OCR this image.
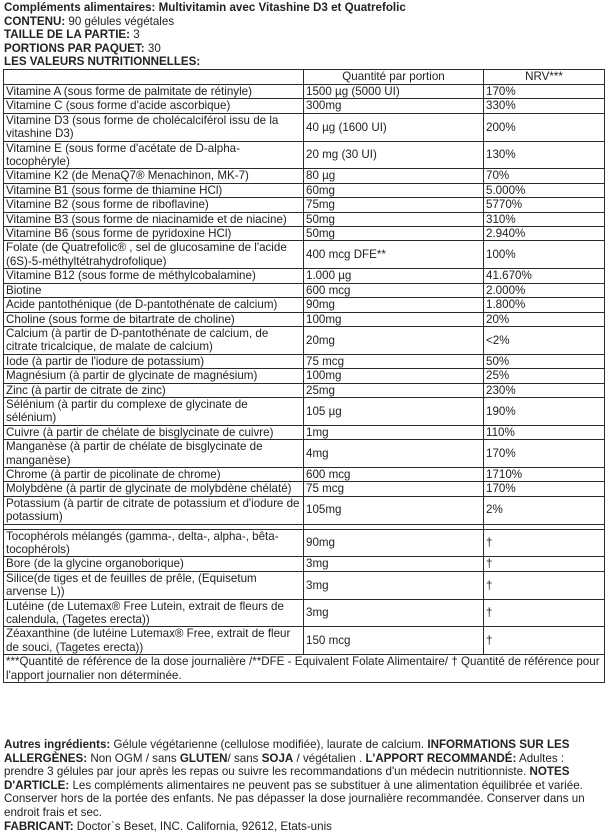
Compléments alimentaires: Multivitamin avec Vitashine D3 et Quatrefolic
CONTENU: 90 gélules végétales
TAILLE DE LA PARTIE: 3
PORTIONS PAR PAQUET: 30
LES VALEURS NUTRITIONNELLES:
	Quantité par portion	NRV***
Vitamine A (sous forme de palmitate de rétinyle)	1500 µg (5000 UI)	170%
Vitamine C (sous forme d'acide ascorbique)	300mg	330%
Vitamine D3 (sous forme de cholécalciférol issu de la vitashine D3)	40 µg (1600 UI)	200%
Vitamine E (sous forme d'acétate de D-alpha-tocophéryle)	20 mg (30 UI)	130%
Vitamine K2 (de MenaQ7® Menachinon, MK-7)	80 µg	70%
Vitamine B1 (sous forme de thiamine HCl)	60mg	5.000%
Vitamine B2 (sous forme de riboflavine)	75mg	5770%
Vitamine B3 (sous forme de niacinamide et de niacine)	50mg	310%
Vitamine B6 (sous forme de pyridoxine HCl)	50mg	2.940%
Folate (de Quatrefolic® , sel de glucosamine de l'acide (6S)-5-méthyltétrahydrofolique)	400 mcg DFE**	100%
Vitamine B12 (sous forme de méthylcobalamine)	1.000 µg	41.670%
Biotine	600 mcg	2.000%
Acide pantothénique (de D-pantothénate de calcium)	90mg	1.800%
Choline (sous forme de bitartrate de choline)	100mg	20%
Calcium (à partir de D-pantothénate de calcium, de citrate tricalcique, de malate de calcium)	20mg	<2%
Iode (à partir de l'iodure de potassium)	75 mcg	50%
Magnésium (à partir de glycinate de magnésium)	100mg	25%
Zinc (à partir de citrate de zinc)	25mg	230%
Sélénium (à partir du complexe de glycinate de sélénium)	105 µg	190%
Cuivre (à partir de chélate de bisglycinate de cuivre)	1mg	110%
Manganèse (à partir de chélate de bisglycinate de manganèse)	4mg	170%
Chrome (à partir de picolinate de chrome)	600 mcg	1710%
Molybdène (à partir de glycinate de molybdène chélaté)	75 mcg	170%
Potassium (à partir de citrate de potassium et d'iodure de potassium)	105mg	2%

Tocophérols mélangés (gamma-, delta-, alpha-, bêta-tocophérols)	90mg	†
Bore (de la glycine organoborique)	3mg	†
Silice(de tiges et de feuilles de prêle, (Equisetum arvense L))	3mg	†
Lutéine (de Lutemax® Free Lutein, extrait de fleurs de calendula, (Tagetes erecta))	3mg	†
Zéaxanthine (de lutéine Lutemax® Free, extrait de fleur de souci, (Tagetes erecta))	150 mcg	†
***Quantité de référence de la dose journalière /**DFE - Equivalent Folate Alimentaire/ † Quantité de référence pour l'apport journalier non déterminée.		
Autres ingrédients: Gélule végétarienne (cellulose modifiée), laurate de calcium. INFORMATIONS SUR LES ALLERGÈNES: Non OGM / sans GLUTEN/ sans SOJA / végétalien . L'APPORT RECOMMANDÉ: Adultes : prendre 3 gélules par jour après les repas ou suivre les recommandations d'un médecin nutritionniste. NOTES D'ARTICLE: Les compléments alimentaires ne peuvent pas se substituer à une alimentation équilibrée et variée. Conserver hors de la portée des enfants. Ne pas dépasser la dose journalière recommandée. Conserver dans un endroit frais et sec.
FABRICANT: Doctor`s Beset, INC. California, 92612, Etats-unis
